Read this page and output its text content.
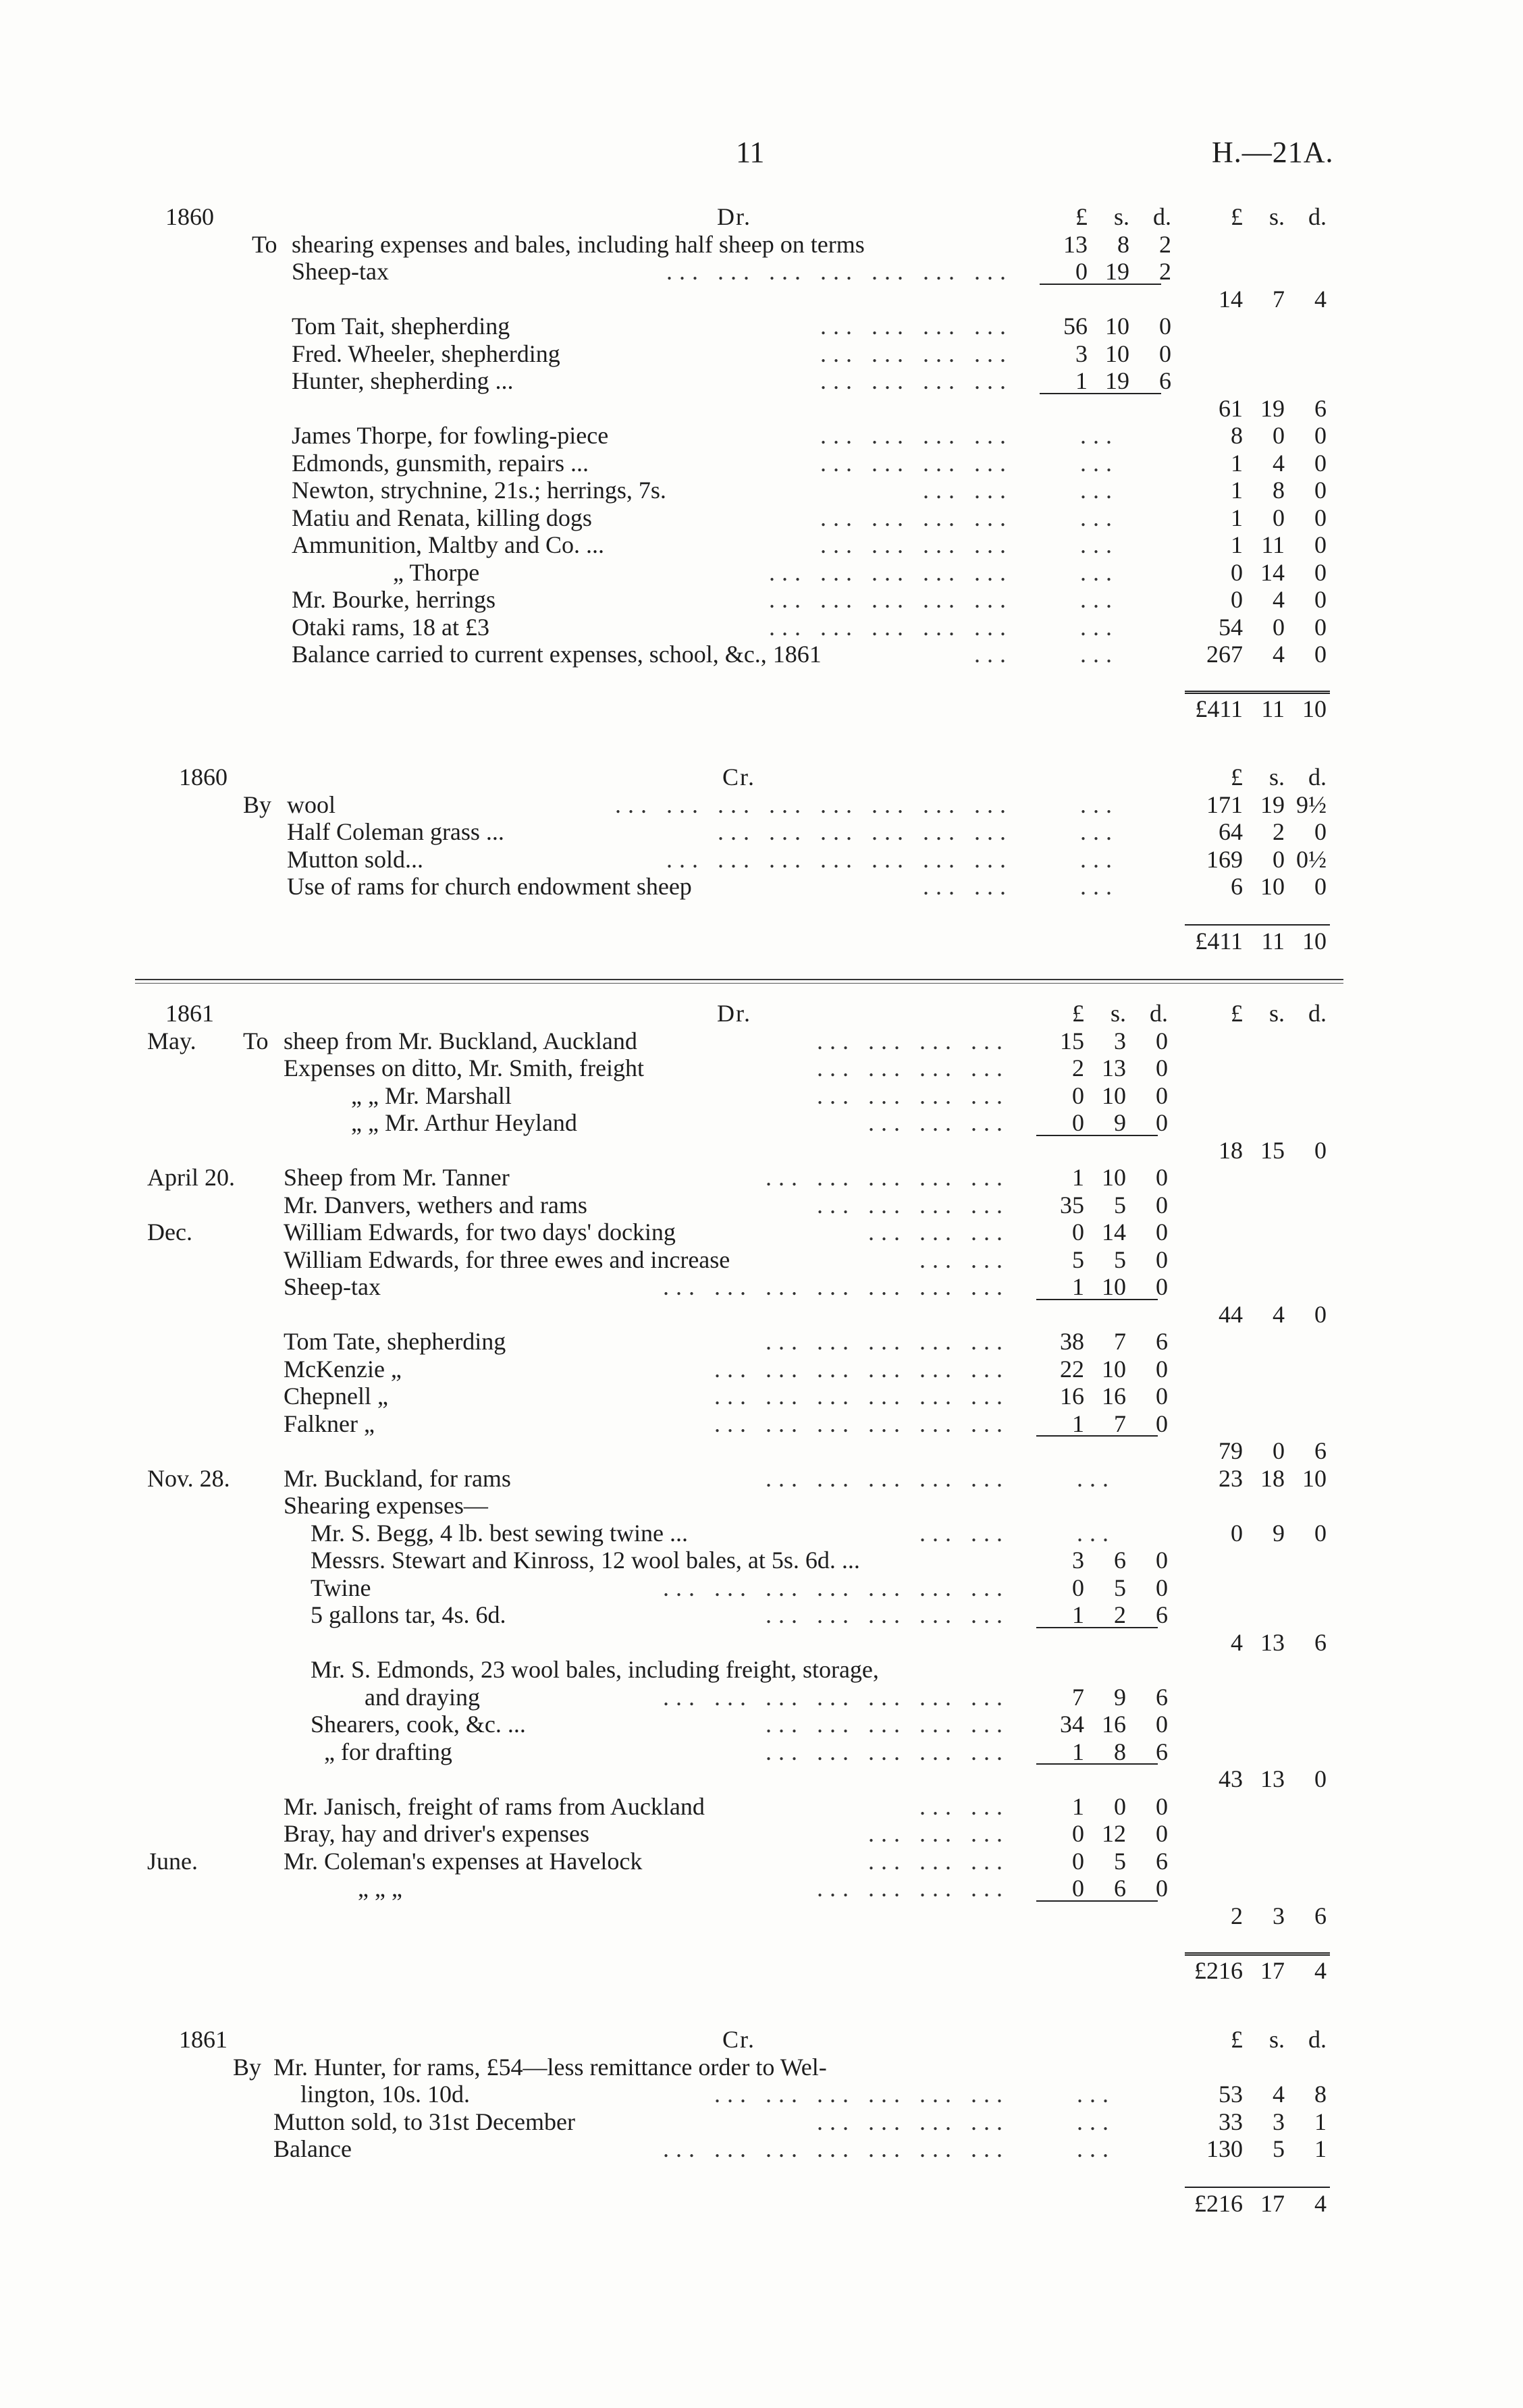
11	H.—21A.
1860	Dr.	£ s. d.	£ s. d.
To shearing expenses and bales, including half sheep on terms	13 8 2
Sheep-tax	... ... ... ... ... ... ...	0 19 2
14 7 4
Tom Tait, shepherding	... ... ... ...	56 10 0
Fred. Wheeler, shepherding	... ... ... ...	3 10 0
Hunter, shepherding ...	... ... ... ...	1 19 6
61 19 6
James Thorpe, for fowling-piece	... ... ... ...	...	8 0 0
Edmonds, gunsmith, repairs ...	... ... ... ...	...	1 4 0
Newton, strychnine, 21s.; herrings, 7s.	... ...	...	1 8 0
Matiu and Renata, killing dogs	... ... ... ...	...	1 0 0
Ammunition, Maltby and Co. ...	... ... ... ...	...	1 11 0
„ Thorpe	... ... ... ... ...	...	0 14 0
Mr. Bourke, herrings	... ... ... ... ...	...	0 4 0
Otaki rams, 18 at £3	... ... ... ... ...	...	54 0 0
Balance carried to current expenses, school, &c., 1861	...	...	267 4 0
£411 11 10
1860	Cr.	£ s. d.
By wool	... ... ... ... ... ... ... ...	...	171 19 9½
Half Coleman grass ...	... ... ... ... ... ...	...	64 2 0
Mutton sold...	... ... ... ... ... ... ...	...	169 0 0½
Use of rams for church endowment sheep	... ...	...	6 10 0
£411 11 10
1861	Dr.	£ s. d.	£ s. d.
May. To sheep from Mr. Buckland, Auckland	... ... ... ...	15 3 0
Expenses on ditto, Mr. Smith, freight	... ... ... ...	2 13 0
„ „ Mr. Marshall	... ... ... ...	0 10 0
„ „ Mr. Arthur Heyland	... ... ...	0 9 0
18 15 0
April 20. Sheep from Mr. Tanner	... ... ... ... ...	1 10 0
Mr. Danvers, wethers and rams	... ... ... ...	35 5 0
Dec.	William Edwards, for two days' docking	... ... ...	0 14 0
William Edwards, for three ewes and increase	... ...	5 5 0
Sheep-tax	... ... ... ... ... ... ...	1 10 0
44 4 0
Tom Tate, shepherding	... ... ... ... ...	38 7 6
McKenzie „	... ... ... ... ... ...	22 10 0
Chepnell „	... ... ... ... ... ...	16 16 0
Falkner „	... ... ... ... ... ...	1 7 0
79 0 6
Nov. 28. Mr. Buckland, for rams	... ... ... ... ...	...	23 18 10
Shearing expenses—
Mr. S. Begg, 4 lb. best sewing twine ...	... ...	...	0 9 0
Messrs. Stewart and Kinross, 12 wool bales, at 5s. 6d. ...	3 6 0
Twine	... ... ... ... ... ... ...	0 5 0
5 gallons tar, 4s. 6d.	... ... ... ... ...	1 2 6
4 13 6
Mr. S. Edmonds, 23 wool bales, including freight, storage,
and draying	... ... ... ... ... ... ...	7 9 6
Shearers, cook, &c. ...	... ... ... ... ...	34 16 0
„ for drafting	... ... ... ... ...	1 8 6
43 13 0
Mr. Janisch, freight of rams from Auckland	... ...	1 0 0
Bray, hay and driver's expenses	... ... ...	0 12 0
June.	Mr. Coleman's expenses at Havelock	... ... ...	0 5 6
„ „ „	... ... ... ...	0 6 0
2 3 6
£216 17 4
1861	Cr.	£ s. d.
By Mr. Hunter, for rams, £54—less remittance order to Wel-
lington, 10s. 10d.	... ... ... ... ... ...	...	53 4 8
Mutton sold, to 31st December	... ... ... ...	...	33 3 1
Balance	... ... ... ... ... ... ...	...	130 5 1
£216 17 4
